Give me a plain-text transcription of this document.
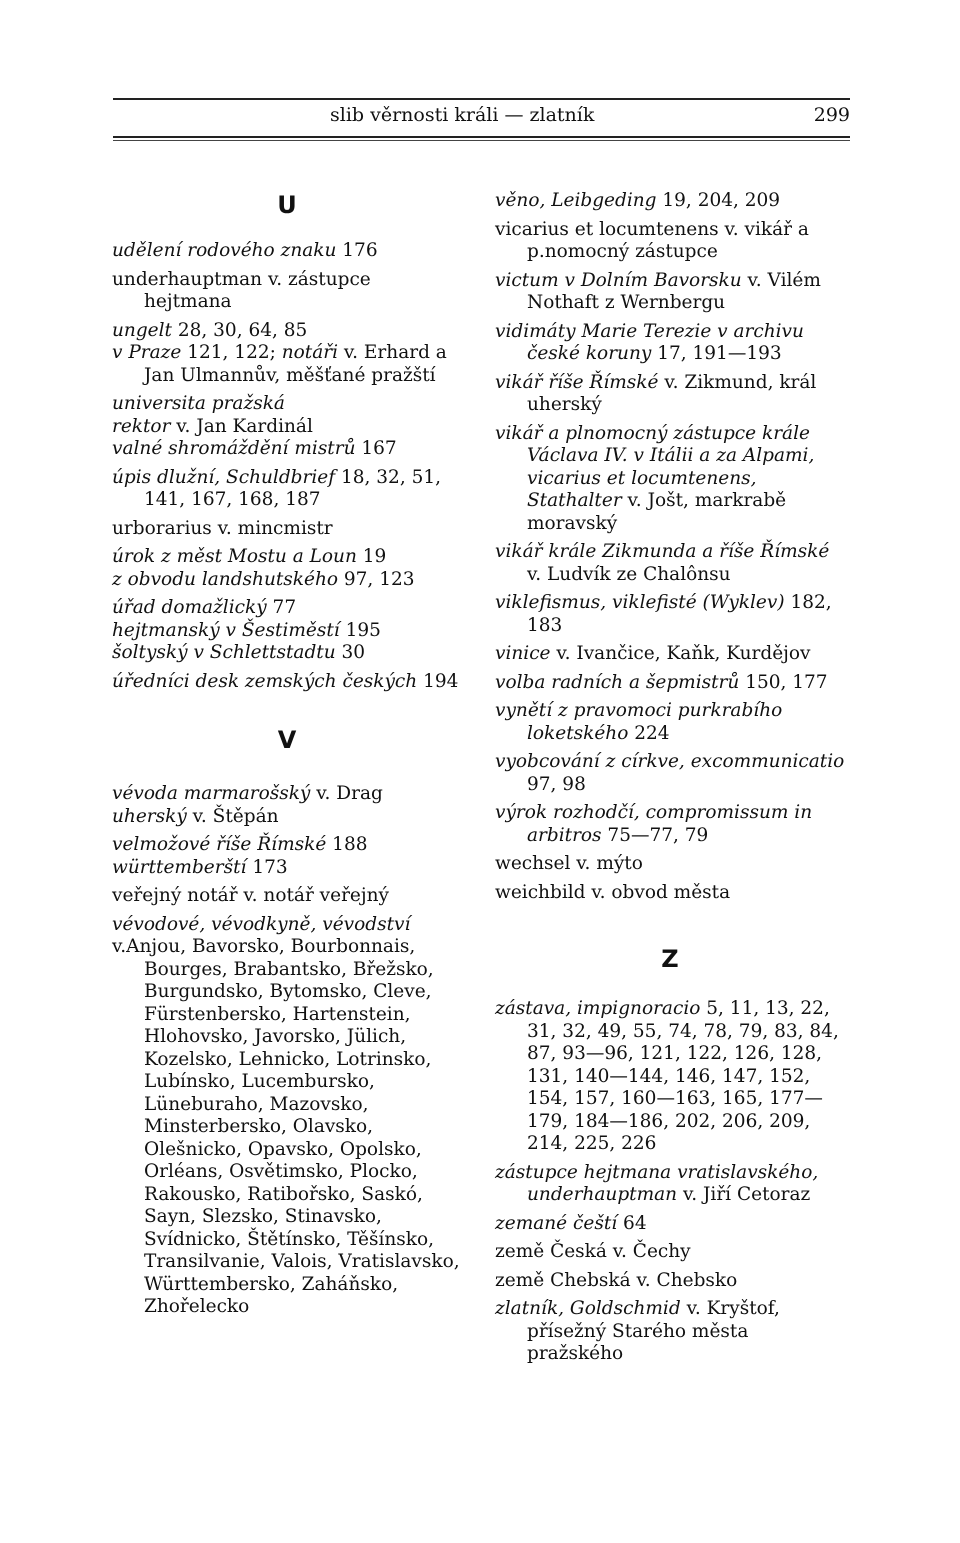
slib věrnosti králi — zlatník	299
U
udělení rodového znaku 176
underhauptman v. zástupce hejtmana
ungelt 28, 30, 64, 85
v Praze 121, 122; notáři v. Erhard a Jan Ulmannův, měšťané pražští
universita pražská
rektor v. Jan Kardinál
valné shromáždění mistrů 167
úpis dlužní, Schuldbrief 18, 32, 51, 141, 167, 168, 187
urborarius v. mincmistr
úrok z měst Mostu a Loun 19
z obvodu landshutského 97, 123
úřad domažlický 77
hejtmanský v Šestiměstí 195
šoltyský v Schlettstadtu 30
úředníci desk zemských českých 194
V
vévoda marmarošský v. Drag
uherský v. Štěpán
velmožové říše Římské 188
württemberští 173
veřejný notář v. notář veřejný
vévodové, vévodkyně, vévodství
v.Anjou, Bavorsko, Bourbonnais, Bourges, Brabantsko, Břežsko, Burgundsko, Bytomsko, Cleve, Fürstenbersko, Hartenstein, Hlohovsko, Javorsko, Jülich, Kozelsko, Lehnicko, Lotrinsko, Lubínsko, Lucembursko, Lüneburaho, Mazovsko, Minsterbersko, Olavsko, Olešnicko, Opavsko, Opolsko, Orléans, Osvětimsko, Plocko, Rakousko, Ratibořsko, Saskó, Sayn, Slezsko, Stinavsko, Svídnicko, Štětínsko, Těšínsko, Transilvanie, Valois, Vratislavsko, Württembersko, Zaháňsko, Zhořelecko
věno, Leibgeding 19, 204, 209
vicarius et locumtenens v. vikář a p.nomocný zástupce
victum v Dolním Bavorsku v. Vilém Nothaft z Wernbergu
vidimáty Marie Terezie v archivu české koruny 17, 191—193
vikář říše Římské v. Zikmund, král uherský
vikář a plnomocný zástupce krále Václava IV. v Itálii a za Alpami, vicarius et locumtenens, Stathalter v. Jošt, markrabě moravský
vikář krále Zikmunda a říše Římské v. Ludvík ze Chalônsu
viklefismus, viklefisté (Wyklev) 182, 183
vinice v. Ivančice, Kaňk, Kurdějov
volba radních a šepmistrů 150, 177
vynětí z pravomoci purkrabího loketského 224
vyobcování z církve, excommunicatio 97, 98
výrok rozhodčí, compromissum in arbitros 75—77, 79
wechsel v. mýto
weichbild v. obvod města
Z
zástava, impignoracio 5, 11, 13, 22, 31, 32, 49, 55, 74, 78, 79, 83, 84, 87, 93—96, 121, 122, 126, 128, 131, 140—144, 146, 147, 152, 154, 157, 160—163, 165, 177—179, 184—186, 202, 206, 209, 214, 225, 226
zástupce hejtmana vratislavského, underhauptman v. Jiří Cetoraz
zemané čeští 64
země Česká v. Čechy
země Chebská v. Chebsko
zlatník, Goldschmid v. Kryštof, přísežný Starého města pražského
